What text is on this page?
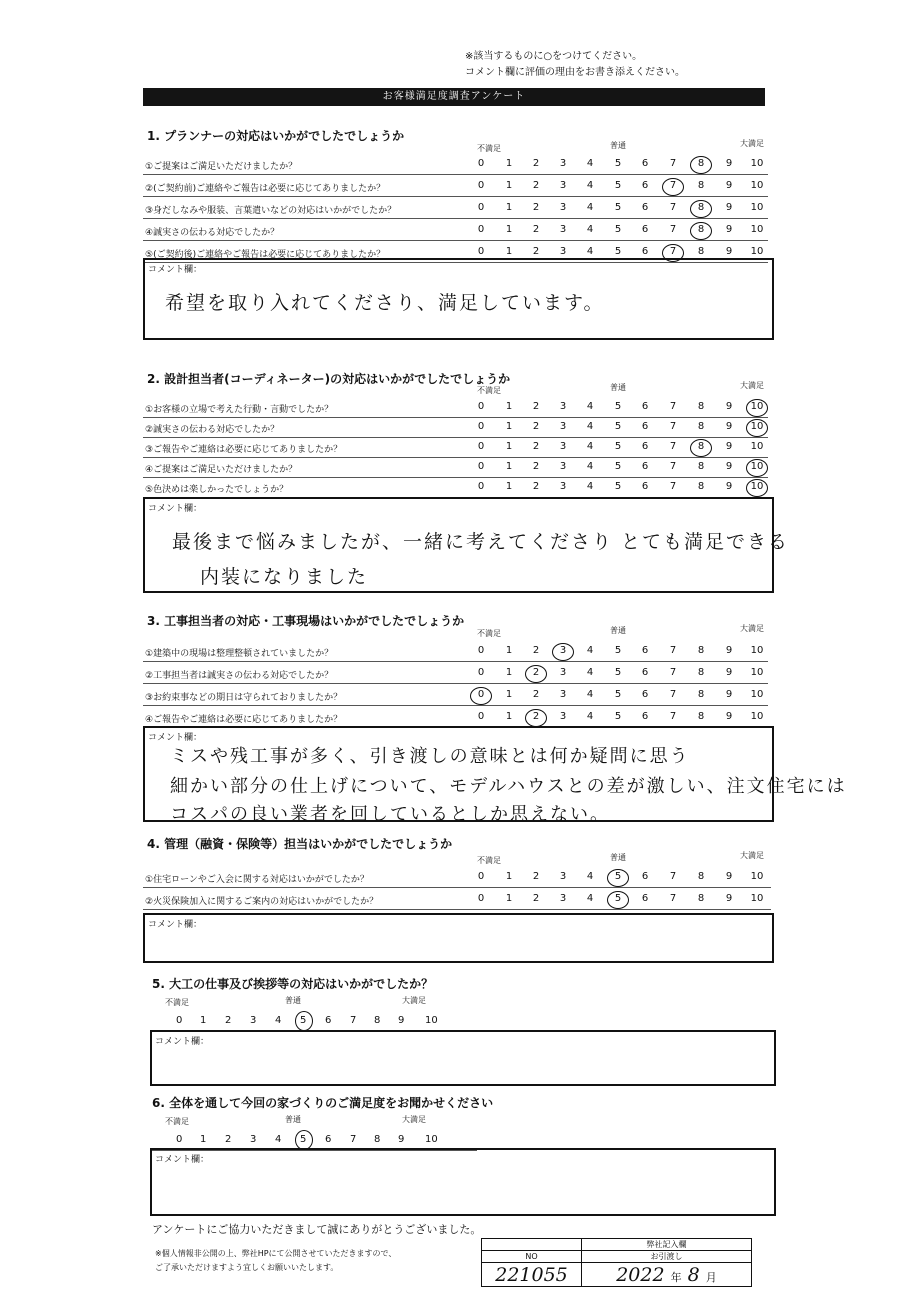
※該当するものに○をつけてください。
コメント欄に評価の理由をお書き添えください。
お客様満足度調査アンケート
1. プランナーの対応はいかがでしたでしょうか
不満足	普通	大満足
①ご提案はご満足いただけましたか？	0	1	2	3	4	5	6	7	8	9	10
②(ご契約前)ご連絡やご報告は必要に応じてありましたか？	0	1	2	3	4	5	6	7	8	9	10
③身だしなみや服装、言葉遣いなどの対応はいかがでしたか？	0	1	2	3	4	5	6	7	8	9	10
④誠実さの伝わる対応でしたか？	0	1	2	3	4	5	6	7	8	9	10
⑤(ご契約後)ご連絡やご報告は必要に応じてありましたか？	0	1	2	3	4	5	6	7	8	9	10
コメント欄：
希望を取り入れてくださり、満足しています。
2. 設計担当者(コーディネーター)の対応はいかがでしたでしょうか
不満足	普通	大満足
①お客様の立場で考えた行動・言動でしたか？	0	1	2	3	4	5	6	7	8	9	10
②誠実さの伝わる対応でしたか？	0	1	2	3	4	5	6	7	8	9	10
③ご報告やご連絡は必要に応じてありましたか？	0	1	2	3	4	5	6	7	8	9	10
④ご提案はご満足いただけましたか？	0	1	2	3	4	5	6	7	8	9	10
⑤色決めは楽しかったでしょうか？	0	1	2	3	4	5	6	7	8	9	10
コメント欄：
最後まで悩みましたが、一緒に考えてくださり とても満足できる
内装になりました
3. 工事担当者の対応・工事現場はいかがでしたでしょうか
不満足	普通	大満足
①建築中の現場は整理整頓されていましたか？	0	1	2	3	4	5	6	7	8	9	10
②工事担当者は誠実さの伝わる対応でしたか？	0	1	2	3	4	5	6	7	8	9	10
③お約束事などの期日は守られておりましたか？	0	1	2	3	4	5	6	7	8	9	10
④ご報告やご連絡は必要に応じてありましたか？	0	1	2	3	4	5	6	7	8	9	10
コメント欄：
ミスや残工事が多く、引き渡しの意味とは何か疑問に思う
細かい部分の仕上げについて、モデルハウスとの差が激しい、注文住宅には
コスパの良い業者を回しているとしか思えない。
4. 管理（融資・保険等）担当はいかがでしたでしょうか
不満足	普通	大満足
①住宅ローンやご入会に関する対応はいかがでしたか？	0	1	2	3	4	5	6	7	8	9	10
②火災保険加入に関するご案内の対応はいかがでしたか？	0	1	2	3	4	5	6	7	8	9	10
コメント欄：
5. 大工の仕事及び挨拶等の対応はいかがでしたか？
不満足	普通	大満足
0 1 2 3 4 5 6 7 8 9 10
コメント欄：
6. 全体を通して今回の家づくりのご満足度をお聞かせください
不満足	普通	大満足
0 1 2 3 4 5 6 7 8 9 10
コメント欄：
アンケートにご協力いただきまして誠にありがとうございました。
※個人情報非公開の上、弊社HPにて公開させていただきますので、
ご了承いただけますよう宜しくお願いいたします。
	弊社記入欄
NO	お引渡し
221055	2022 年 8 月
